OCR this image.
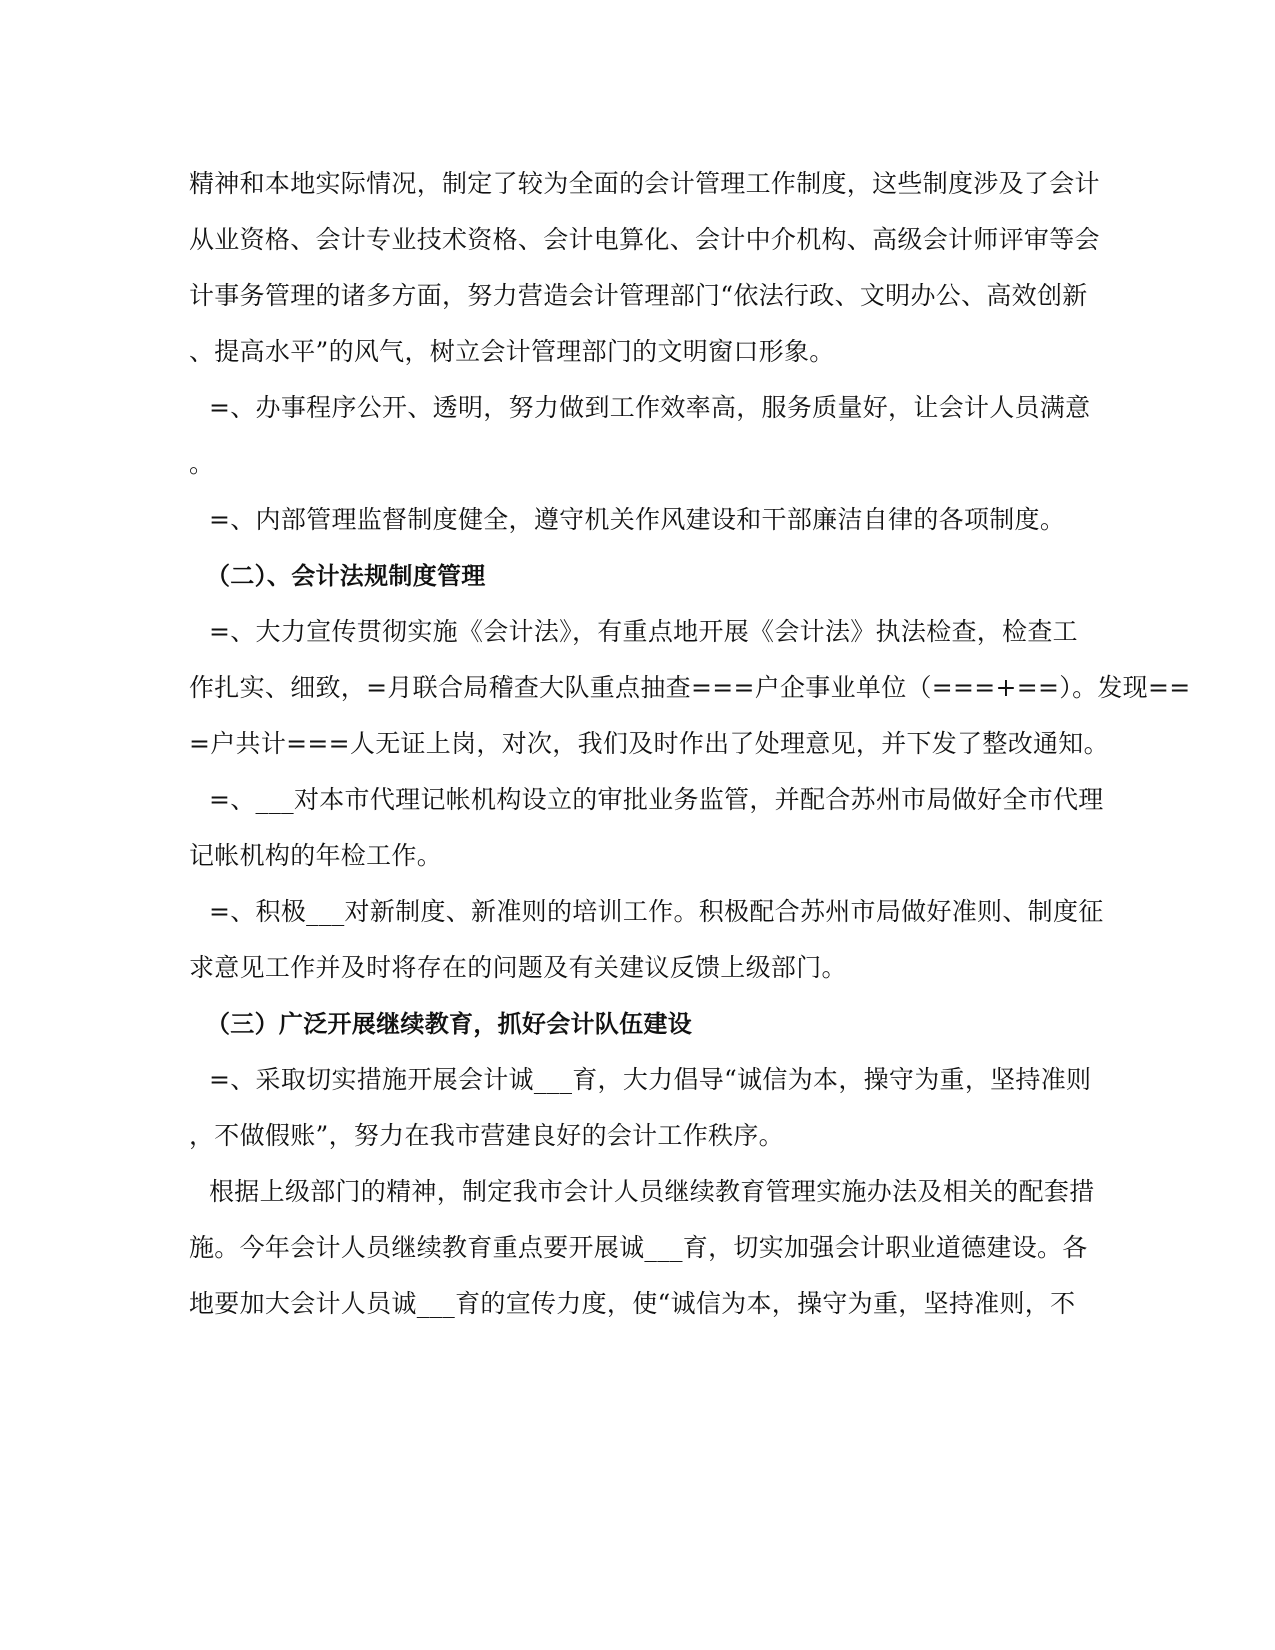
精神和本地实际情况，制定了较为全面的会计管理工作制度，这些制度涉及了会计
从业资格、会计专业技术资格、会计电算化、会计中介机构、高级会计师评审等会
计事务管理的诸多方面，努力营造会计管理部门“依法行政、文明办公、高效创新
、提高水平”的风气，树立会计管理部门的文明窗口形象。
=、办事程序公开、透明，努力做到工作效率高，服务质量好，让会计人员满意
。
=、内部管理监督制度健全，遵守机关作风建设和干部廉洁自律的各项制度。
（二）、会计法规制度管理
=、大力宣传贯彻实施《会计法》，有重点地开展《会计法》执法检查，检查工
作扎实、细致，=月联合局稽查大队重点抽查===户企事业单位（===+==）。发现==
=户共计===人无证上岗，对次，我们及时作出了处理意见，并下发了整改通知。
=、___对本市代理记帐机构设立的审批业务监管，并配合苏州市局做好全市代理
记帐机构的年检工作。
=、积极___对新制度、新准则的培训工作。积极配合苏州市局做好准则、制度征
求意见工作并及时将存在的问题及有关建议反馈上级部门。
（三）广泛开展继续教育，抓好会计队伍建设
=、采取切实措施开展会计诚___育，大力倡导“诚信为本，操守为重，坚持准则
，不做假账”，努力在我市营建良好的会计工作秩序。
根据上级部门的精神，制定我市会计人员继续教育管理实施办法及相关的配套措
施。今年会计人员继续教育重点要开展诚___育，切实加强会计职业道德建设。各
地要加大会计人员诚___育的宣传力度，使“诚信为本，操守为重，坚持准则，不
